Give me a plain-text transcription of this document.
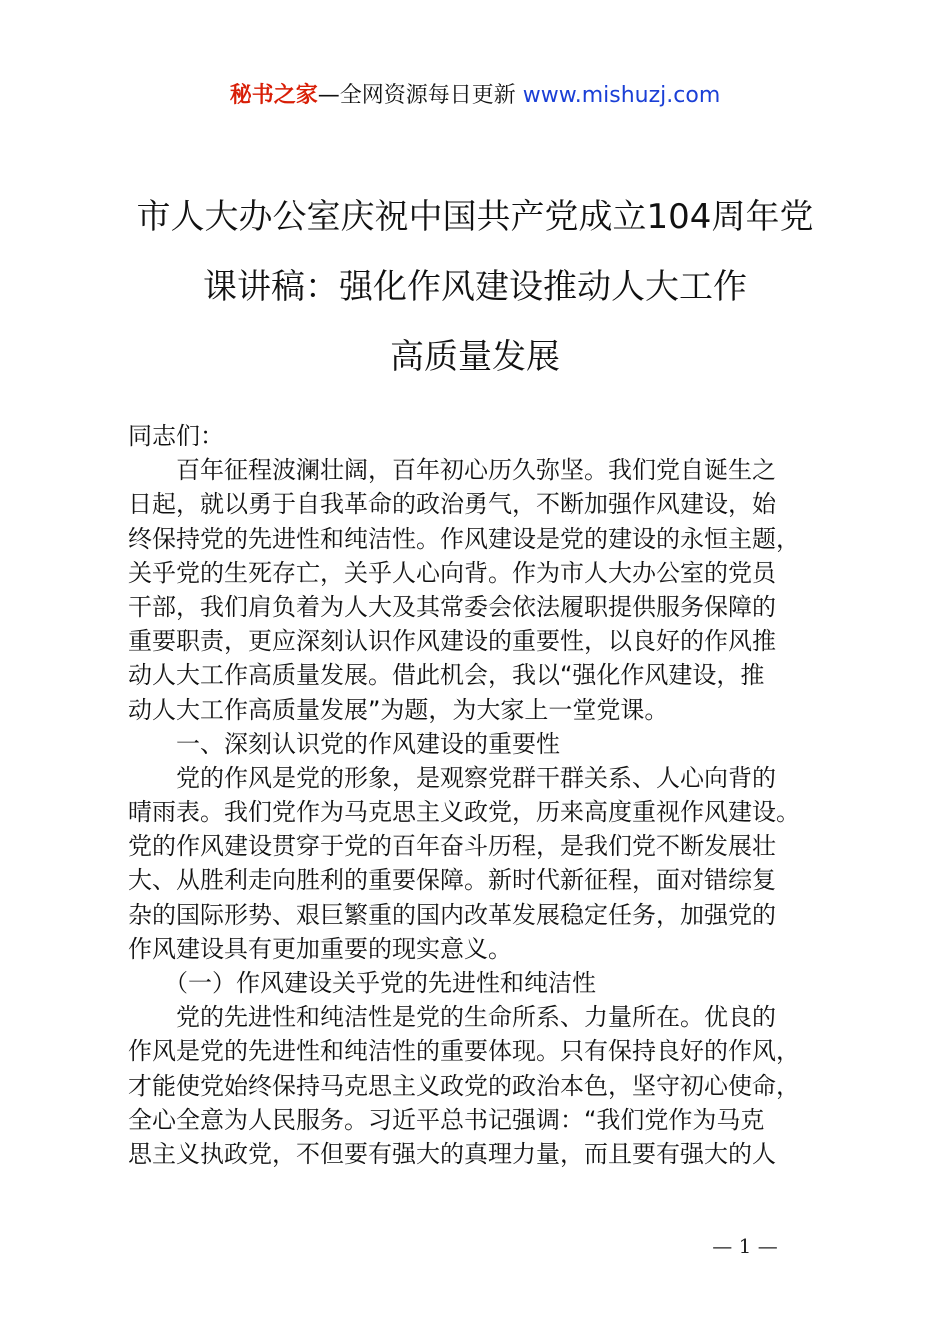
秘书之家—全网资源每日更新 www.mishuzj.com
市人大办公室庆祝中国共产党成立104周年党
课讲稿：强化作风建设推动人大工作
高质量发展
同志们：
　　百年征程波澜壮阔，百年初心历久弥坚。我们党自诞生之
日起，就以勇于自我革命的政治勇气，不断加强作风建设，始
终保持党的先进性和纯洁性。作风建设是党的建设的永恒主题，
关乎党的生死存亡，关乎人心向背。作为市人大办公室的党员
干部，我们肩负着为人大及其常委会依法履职提供服务保障的
重要职责，更应深刻认识作风建设的重要性，以良好的作风推
动人大工作高质量发展。借此机会，我以“强化作风建设，推
动人大工作高质量发展”为题，为大家上一堂党课。
　　一、深刻认识党的作风建设的重要性
　　党的作风是党的形象，是观察党群干群关系、人心向背的
晴雨表。我们党作为马克思主义政党，历来高度重视作风建设。
党的作风建设贯穿于党的百年奋斗历程，是我们党不断发展壮
大、从胜利走向胜利的重要保障。新时代新征程，面对错综复
杂的国际形势、艰巨繁重的国内改革发展稳定任务，加强党的
作风建设具有更加重要的现实意义。
　　（一）作风建设关乎党的先进性和纯洁性
　　党的先进性和纯洁性是党的生命所系、力量所在。优良的
作风是党的先进性和纯洁性的重要体现。只有保持良好的作风，
才能使党始终保持马克思主义政党的政治本色，坚守初心使命，
全心全意为人民服务。习近平总书记强调：“我们党作为马克
思主义执政党，不但要有强大的真理力量，而且要有强大的人
— 1 —
